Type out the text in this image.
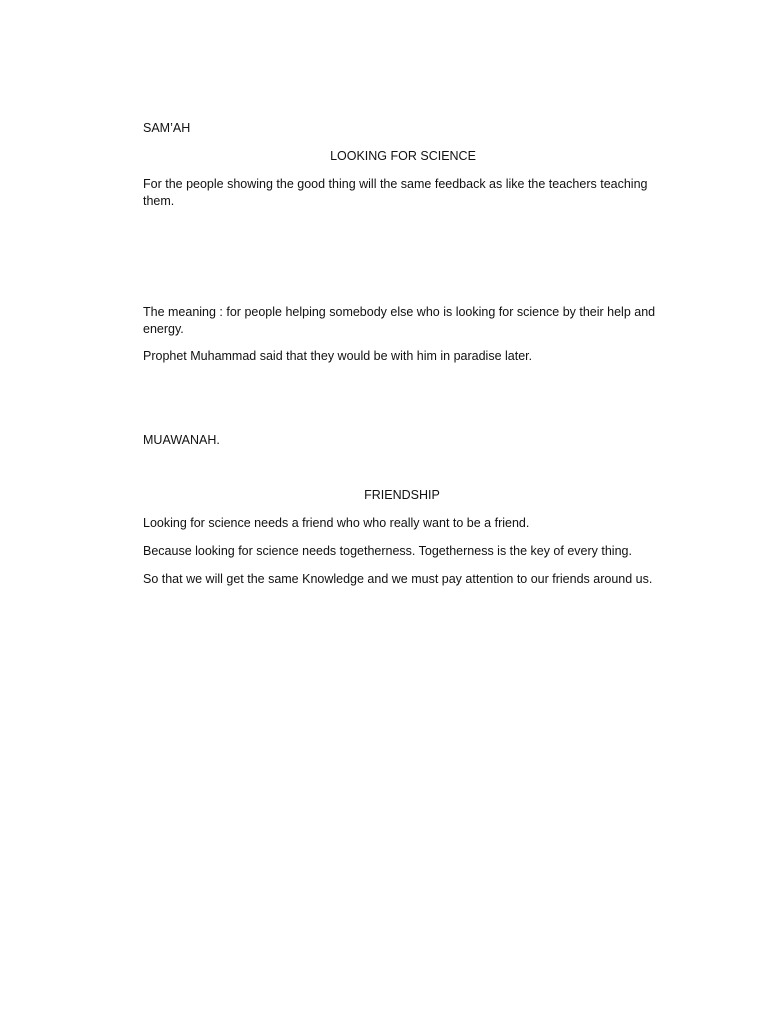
SAM’AH

LOOKING FOR SCIENCE

For the people showing the good thing will the same feedback as like the teachers teaching them.

The meaning : for people helping somebody else who is looking for science by their help and energy.

Prophet Muhammad said that they would be with him in paradise later.

MUAWANAH.

FRIENDSHIP

Looking for science needs a friend who who really want to be a friend.

Because looking for science needs togetherness. Togetherness is the key of every thing.

So that we will get the same Knowledge and we must pay attention to our friends around us.
